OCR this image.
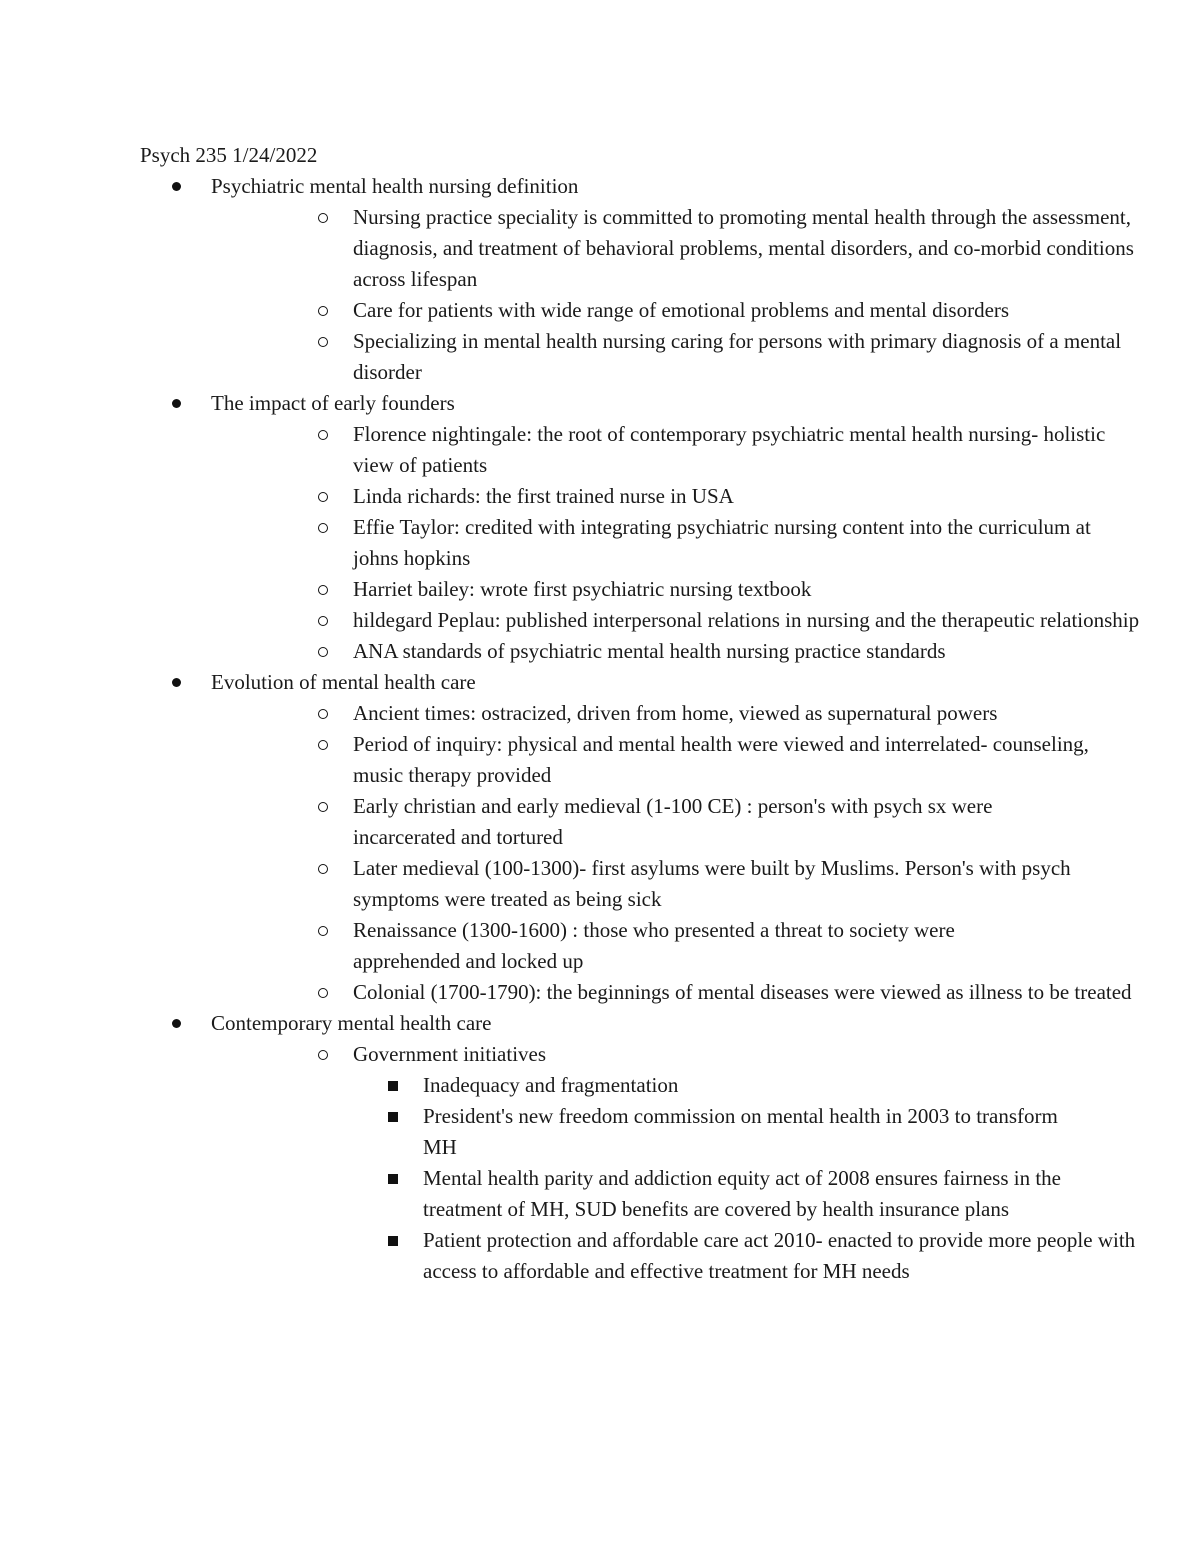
Psych 235 1/24/2022

Psychiatric mental health nursing definition
Nursing practice speciality is committed to promoting mental health through the assessment, diagnosis, and treatment of behavioral problems, mental disorders, and co-morbid conditions across lifespan
Care for patients with wide range of emotional problems and mental disorders
Specializing in mental health nursing caring for persons with primary diagnosis of a mental disorder
The impact of early founders
Florence nightingale: the root of contemporary psychiatric mental health nursing- holistic view of patients
Linda richards: the first trained nurse in USA
Effie Taylor: credited with integrating psychiatric nursing content into the curriculum at johns hopkins
Harriet bailey: wrote first psychiatric nursing textbook
hildegard Peplau: published interpersonal relations in nursing and the therapeutic relationship
ANA standards of psychiatric mental health nursing practice standards
Evolution of mental health care
Ancient times: ostracized, driven from home, viewed as supernatural powers
Period of inquiry: physical and mental health were viewed and interrelated- counseling, music therapy provided
Early christian and early medieval (1-100 CE) : person's with psych sx were incarcerated and tortured
Later medieval (100-1300)- first asylums were built by Muslims. Person's with psych symptoms were treated as being sick
Renaissance (1300-1600) : those who presented a threat to society were apprehended and locked up
Colonial (1700-1790): the beginnings of mental diseases were viewed as illness to be treated
Contemporary mental health care
Government initiatives
Inadequacy and fragmentation
President's new freedom commission on mental health in 2003 to transform MH
Mental health parity and addiction equity act of 2008 ensures fairness in the treatment of MH, SUD benefits are covered by health insurance plans
Patient protection and affordable care act 2010- enacted to provide more people with access to affordable and effective treatment for MH needs
